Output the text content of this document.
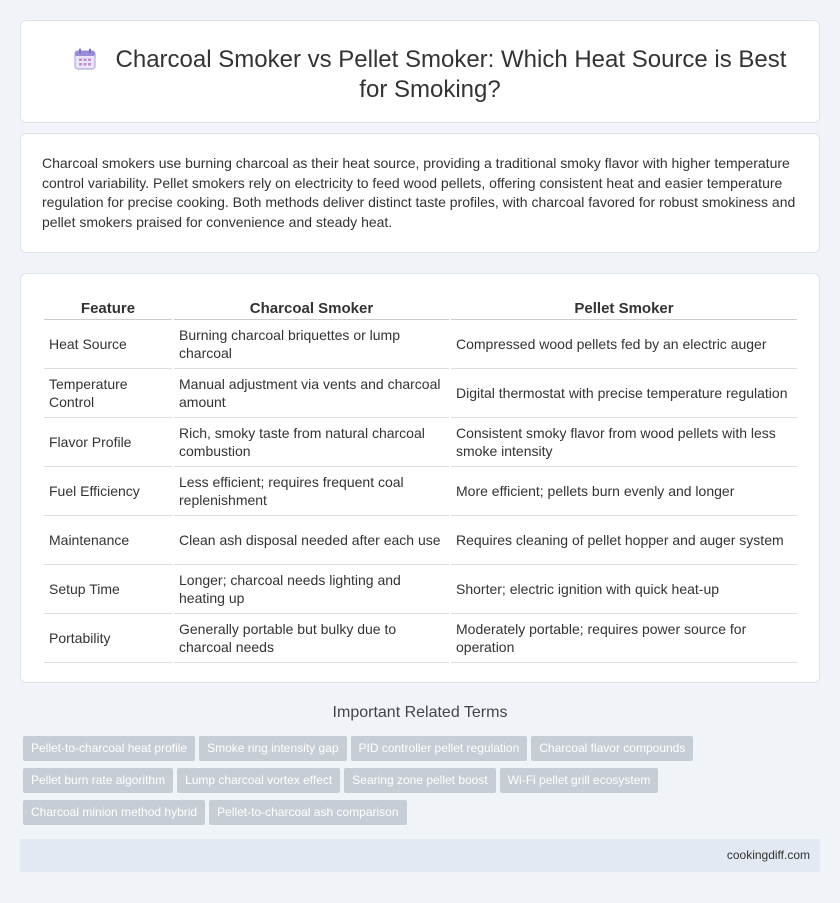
Charcoal Smoker vs Pellet Smoker: Which Heat Source is Best for Smoking?

Charcoal smokers use burning charcoal as their heat source, providing a traditional smoky flavor with higher temperature control variability. Pellet smokers rely on electricity to feed wood pellets, offering consistent heat and easier temperature regulation for precise cooking. Both methods deliver distinct taste profiles, with charcoal favored for robust smokiness and pellet smokers praised for convenience and steady heat.

Feature	Charcoal Smoker	Pellet Smoker
Heat Source	Burning charcoal briquettes or lump charcoal	Compressed wood pellets fed by an electric auger
Temperature Control	Manual adjustment via vents and charcoal amount	Digital thermostat with precise temperature regulation
Flavor Profile	Rich, smoky taste from natural charcoal combustion	Consistent smoky flavor from wood pellets with less smoke intensity
Fuel Efficiency	Less efficient; requires frequent coal replenishment	More efficient; pellets burn evenly and longer
Maintenance	Clean ash disposal needed after each use	Requires cleaning of pellet hopper and auger system
Setup Time	Longer; charcoal needs lighting and heating up	Shorter; electric ignition with quick heat-up
Portability	Generally portable but bulky due to charcoal needs	Moderately portable; requires power source for operation
Important Related Terms
Pellet-to-charcoal heat profile Smoke ring intensity gap PID controller pellet regulation Charcoal flavor compoundsPellet burn rate algorithm Lump charcoal vortex effect Searing zone pellet boost Wi-Fi pellet grill ecosystemCharcoal minion method hybrid Pellet-to-charcoal ash comparison
cookingdiff.com
